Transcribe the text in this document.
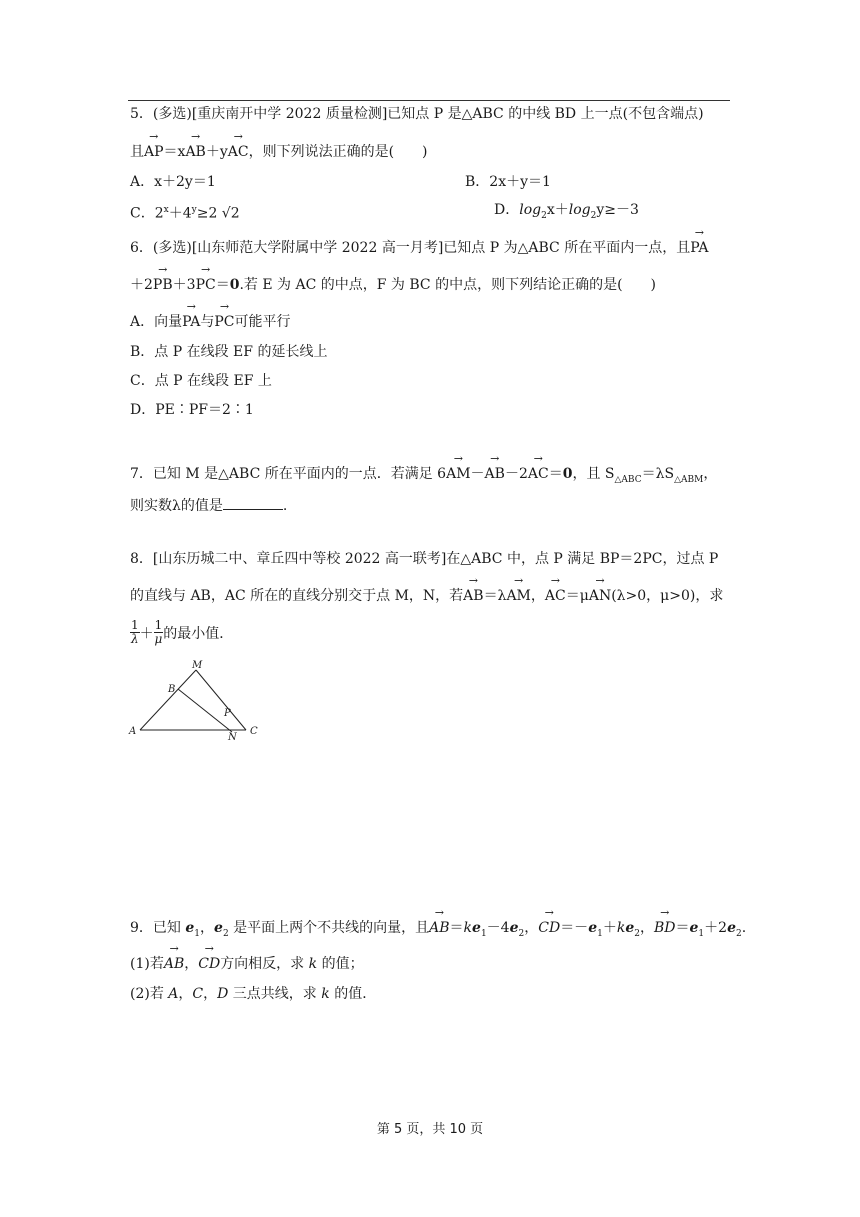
5．(多选)[重庆南开中学 2022 质量检测]已知点 P 是△ABC 的中线 BD 上一点(不包含端点)
且→ AP＝x→ AB＋y→ AC，则下列说法正确的是(　　)
A．x＋2y＝1	B．2x＋y＝1
C．$2^x+4^y\ge 2$ √2	D．$\log_2x+\log_2y\ge-3$
6．(多选)[山东师范大学附属中学 2022 高一月考]已知点 P 为△ABC 所在平面内一点，且→ PA
＋2→ PB＋3→ PC＝0.若 E 为 AC 的中点，F 为 BC 的中点，则下列结论正确的是(　　)
A．向量→ PA与→ PC可能平行
B．点 P 在线段 EF 的延长线上
C．点 P 在线段 EF 上
D．PE∶PF＝2∶1
7．已知 M 是△ABC 所在平面内的一点．若满足 6→ AM－→ AB－2→ AC＝0，且 $S_{\triangle ABC}=\lambda S_{\triangle ABM}$，
则实数λ的值是	.
8．[山东历城二中、章丘四中等校 2022 高一联考]在△ABC 中，点 P 满足 BP＝2PC，过点 P
的直线与 AB，AC 所在的直线分别交于点 M，N，若→ AB＝λ→ AM，→ AC＝μ→ AN(λ>0，μ>0)，求
$\frac{1}{\lambda} + \frac{1}{\mu}$ 的最小值．
M
B
P
A
N
C
9．已知 $e_1$，$e_2$ 是平面上两个不共线的向量，且→ $AB=ke_1-4e_2$，→ $CD=-e_1+ke_2$，→ $BD=e_1+2e_2$.
(1)若→ AB，→ CD方向相反，求 k 的值；
(2)若 A，C，D 三点共线，求 k 的值．
第 5 页，共 10 页
